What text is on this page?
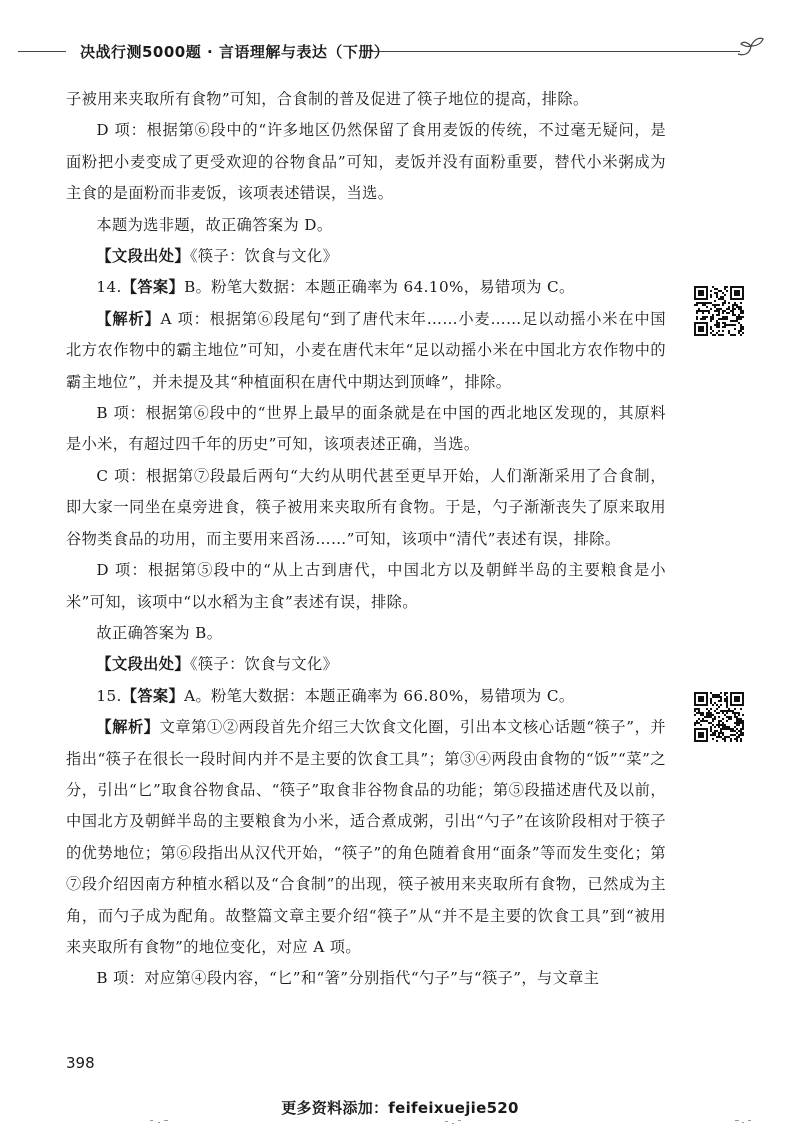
决战行测5000题 · 言语理解与表达（下册）

子被用来夹取所有食物”可知，合食制的普及促进了筷子地位的提高，排除。

D 项：根据第⑥段中的“许多地区仍然保留了食用麦饭的传统，不过毫无疑问，是面粉把小麦变成了更受欢迎的谷物食品”可知，麦饭并没有面粉重要，替代小米粥成为主食的是面粉而非麦饭，该项表述错误，当选。

本题为选非题，故正确答案为 D。

【文段出处】《筷子：饮食与文化》

14.【答案】B。粉笔大数据：本题正确率为 64.10%，易错项为 C。

【解析】A 项：根据第⑥段尾句“到了唐代末年……小麦……足以动摇小米在中国北方农作物中的霸主地位”可知，小麦在唐代末年“足以动摇小米在中国北方农作物中的霸主地位”，并未提及其“种植面积在唐代中期达到顶峰”，排除。

B 项：根据第⑥段中的“世界上最早的面条就是在中国的西北地区发现的，其原料是小米，有超过四千年的历史”可知，该项表述正确，当选。

C 项：根据第⑦段最后两句“大约从明代甚至更早开始，人们渐渐采用了合食制，即大家一同坐在桌旁进食，筷子被用来夹取所有食物。于是，勺子渐渐丧失了原来取用谷物类食品的功用，而主要用来舀汤……”可知，该项中“清代”表述有误，排除。

D 项：根据第⑤段中的“从上古到唐代，中国北方以及朝鲜半岛的主要粮食是小米”可知，该项中“以水稻为主食”表述有误，排除。

故正确答案为 B。

【文段出处】《筷子：饮食与文化》

15.【答案】A。粉笔大数据：本题正确率为 66.80%，易错项为 C。

【解析】文章第①②两段首先介绍三大饮食文化圈，引出本文核心话题“筷子”，并指出“筷子在很长一段时间内并不是主要的饮食工具”；第③④两段由食物的“饭”“菜”之分，引出“匕”取食谷物食品、“筷子”取食非谷物食品的功能；第⑤段描述唐代及以前，中国北方及朝鲜半岛的主要粮食为小米，适合煮成粥，引出“勺子”在该阶段相对于筷子的优势地位；第⑥段指出从汉代开始，“筷子”的角色随着食用“面条”等而发生变化；第⑦段介绍因南方种植水稻以及“合食制”的出现，筷子被用来夹取所有食物，已然成为主角，而勺子成为配角。故整篇文章主要介绍“筷子”从“并不是主要的饮食工具”到“被用来夹取所有食物”的地位变化，对应 A 项。

B 项：对应第④段内容，“匕”和“箸”分别指代“勺子”与“筷子”，与文章主

398
更多资料添加：feifeixuejie520
